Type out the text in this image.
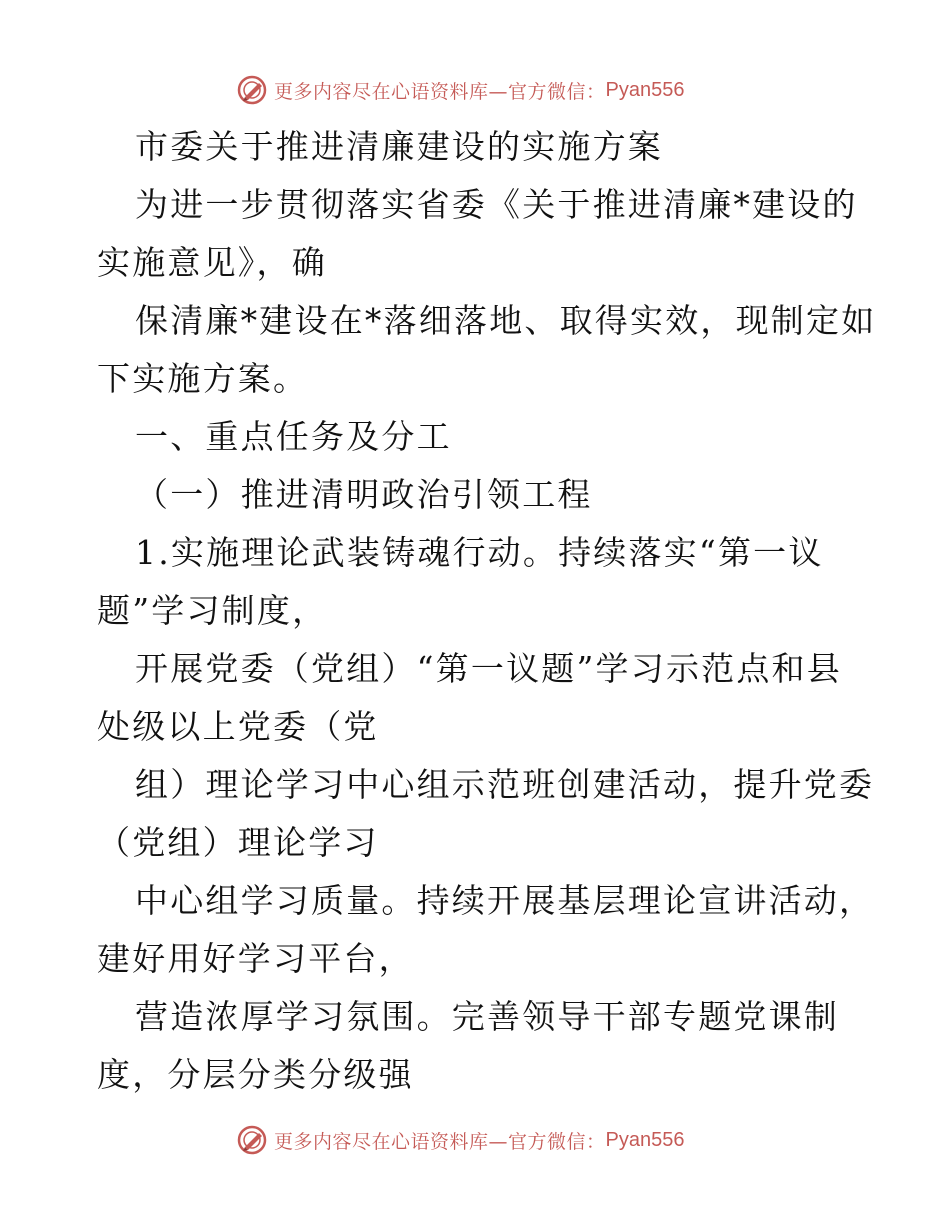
更多内容尽在心语资料库—官方微信： Pyan556
市委关于推进清廉建设的实施方案
为进一步贯彻落实省委《关于推进清廉*建设的
实施意见》，确
保清廉*建设在*落细落地、取得实效，现制定如
下实施方案。
一、重点任务及分工
（一）推进清明政治引领工程
1.实施理论武装铸魂行动。持续落实“第一议
题”学习制度，
开展党委（党组）“第一议题”学习示范点和县
处级以上党委（党
组）理论学习中心组示范班创建活动，提升党委
（党组）理论学习
中心组学习质量。持续开展基层理论宣讲活动，
建好用好学习平台，
营造浓厚学习氛围。完善领导干部专题党课制
度，分层分类分级强
更多内容尽在心语资料库—官方微信： Pyan556
